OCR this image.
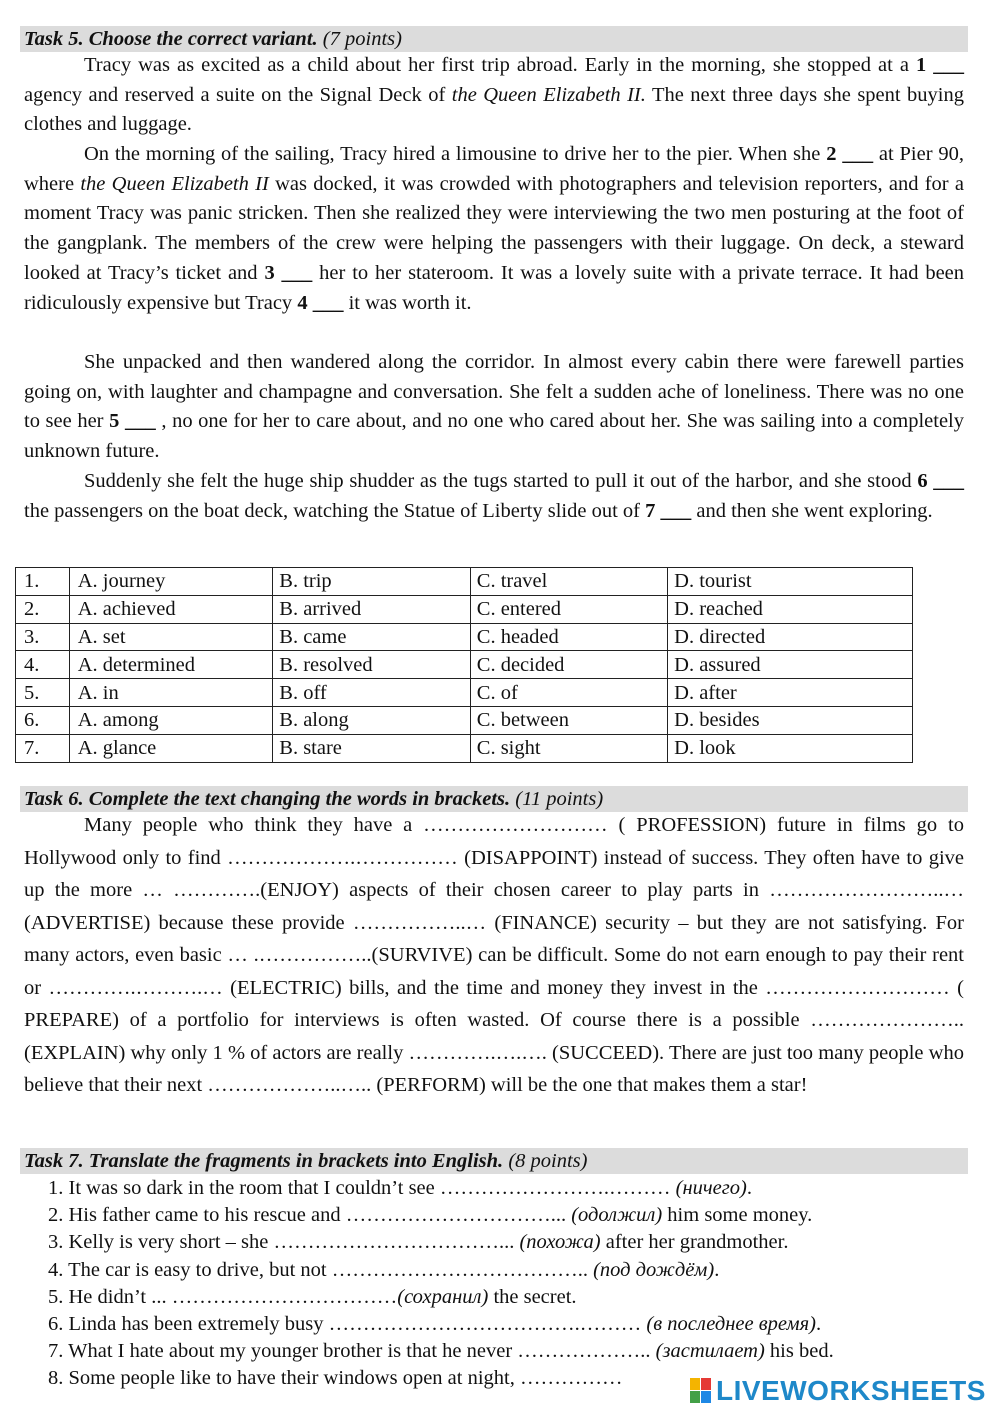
Task 5. Choose the correct variant. (7 points)

Tracy was as excited as a child about her first trip abroad. Early in the morning, she stopped at a 1 ___ agency and reserved a suite on the Signal Deck of the Queen Elizabeth II. The next three days she spent buying clothes and luggage.

On the morning of the sailing, Tracy hired a limousine to drive her to the pier. When she 2 ___ at Pier 90, where the Queen Elizabeth II was docked, it was crowded with photographers and television reporters, and for a moment Tracy was panic stricken. Then she realized they were interviewing the two men posturing at the foot of the gangplank. The members of the crew were helping the passengers with their luggage. On deck, a steward looked at Tracy’s ticket and 3 ___ her to her stateroom. It was a lovely suite with a private terrace. It had been ridiculously expensive but Tracy 4 ___ it was worth it.

She unpacked and then wandered along the corridor. In almost every cabin there were farewell parties going on, with laughter and champagne and conversation. She felt a sudden ache of loneliness. There was no one to see her 5 ___ , no one for her to care about, and no one who cared about her. She was sailing into a completely unknown future.

Suddenly she felt the huge ship shudder as the tugs started to pull it out of the harbor, and she stood 6 ___ the passengers on the boat deck, watching the Statue of Liberty slide out of 7 ___ and then she went exploring.

1.	A. journey	B. trip	C. travel	D. tourist
2.	A. achieved	B. arrived	C. entered	D. reached
3.	A. set	B. came	C. headed	D. directed
4.	A. determined	B. resolved	C. decided	D. assured
5.	A. in	B. off	C. of	D. after
6.	A. among	B. along	C. between	D. besides
7.	A. glance	B. stare	C. sight	D. look
Task 6. Complete the text changing the words in brackets. (11 points)

Many people who think they have a ……………………… ( PROFESSION) future in films go to Hollywood only to find ……………….…………… (DISAPPOINT) instead of success. They often have to give up the more … ………….(ENJOY) aspects of their chosen career to play parts in ……………………..… (ADVERTISE) because these provide ……………..… (FINANCE) security – but they are not satisfying. For many actors, even basic … .……………..(SURVIVE) can be difficult. Some do not earn enough to pay their rent or ………….……….… (ELECTRIC) bills, and the time and money they invest in the ……………………… ( PREPARE) of a portfolio for interviews is often wasted. Of course there is a possible ………………….. (EXPLAIN) why only 1 % of actors are really ………….….…. (SUCCEED). There are just too many people who believe that their next ………………..….. (PERFORM) will be the one that makes them a star!

Task 7. Translate the fragments in brackets into English. (8 points)
1. It was so dark in the room that I couldn’t see …………………….……… (ничего).
2. His father came to his rescue and …………………………... (одолжил) him some money.
3. Kelly is very short – she ……………………………... (похожа) after her grandmother.
4. The car is easy to drive, but not ……………………………….. (под дождём).
5. He didn’t ... ……………………………(сохранил) the secret.
6. Linda has been extremely busy ……………………………….……… (в последнее время).
7. What I hate about my younger brother is that he never ……………….. (застилает) his bed.
8. Some people like to have their windows open at night, ……………	LIVEWORKSHEETS
